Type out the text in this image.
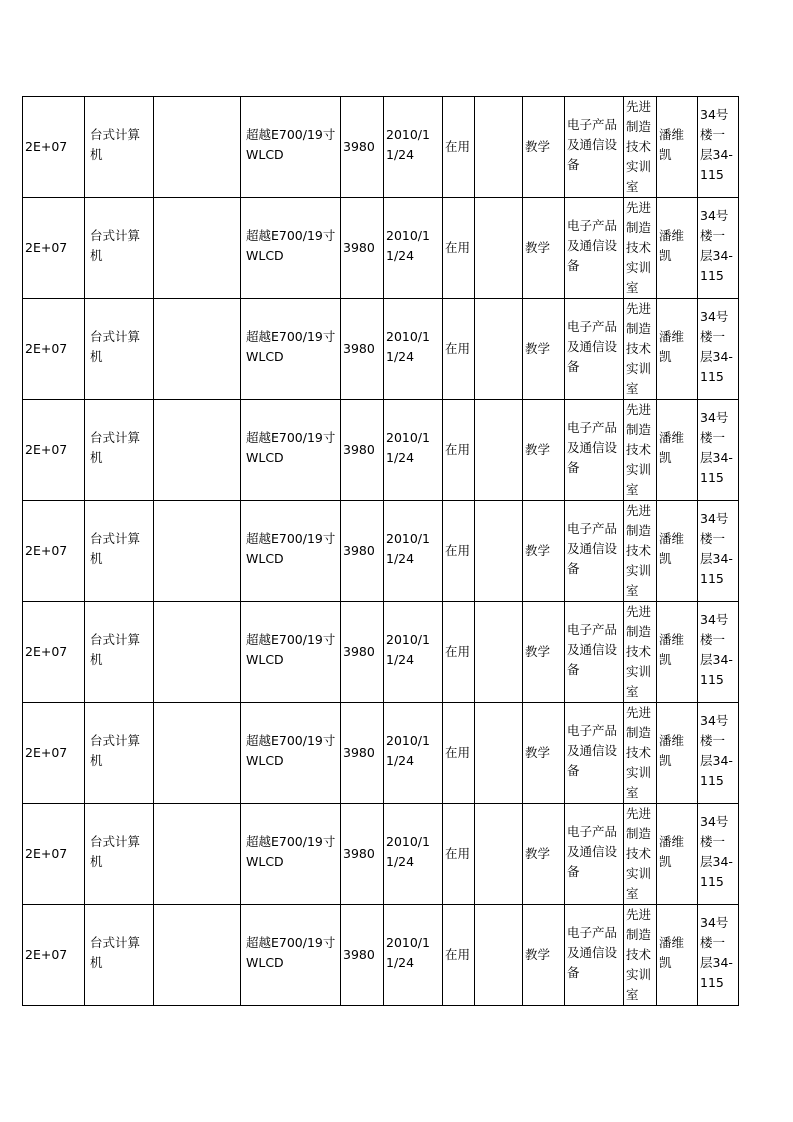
2E+07	台式计算机		超越E700/19寸WLCD	3980	2010/11/24	在用		教学	电子产品及通信设备	先进制造技术实训室	潘维凯	34号楼一层34-115
2E+07	台式计算机		超越E700/19寸WLCD	3980	2010/11/24	在用		教学	电子产品及通信设备	先进制造技术实训室	潘维凯	34号楼一层34-115
2E+07	台式计算机		超越E700/19寸WLCD	3980	2010/11/24	在用		教学	电子产品及通信设备	先进制造技术实训室	潘维凯	34号楼一层34-115
2E+07	台式计算机		超越E700/19寸WLCD	3980	2010/11/24	在用		教学	电子产品及通信设备	先进制造技术实训室	潘维凯	34号楼一层34-115
2E+07	台式计算机		超越E700/19寸WLCD	3980	2010/11/24	在用		教学	电子产品及通信设备	先进制造技术实训室	潘维凯	34号楼一层34-115
2E+07	台式计算机		超越E700/19寸WLCD	3980	2010/11/24	在用		教学	电子产品及通信设备	先进制造技术实训室	潘维凯	34号楼一层34-115
2E+07	台式计算机		超越E700/19寸WLCD	3980	2010/11/24	在用		教学	电子产品及通信设备	先进制造技术实训室	潘维凯	34号楼一层34-115
2E+07	台式计算机		超越E700/19寸WLCD	3980	2010/11/24	在用		教学	电子产品及通信设备	先进制造技术实训室	潘维凯	34号楼一层34-115
2E+07	台式计算机		超越E700/19寸WLCD	3980	2010/11/24	在用		教学	电子产品及通信设备	先进制造技术实训室	潘维凯	34号楼一层34-115
